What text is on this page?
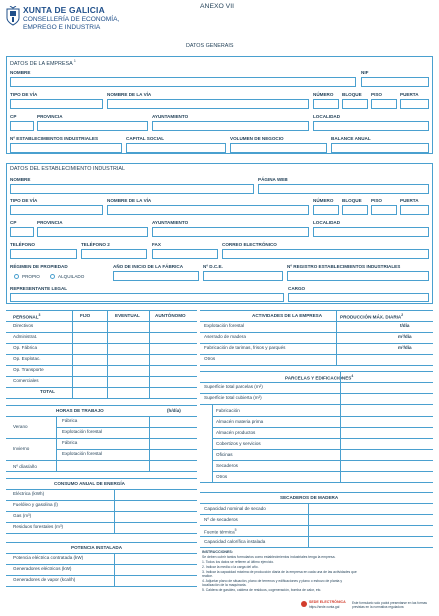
XUNTA DE GALICIA
CONSELLERÍA DE ECONOMÍA,
EMPREGO E INDUSTRIA
ANEXO VII
DATOS GENERAIS
DATOS DE LA EMPRESA $^1$
NOMBRE	NIF
TIPO DE VÍA	NOMBRE DE LA VÍA	NÚMERO BLOQUE PISO	PUERTA
CP	PROVINCIA	AYUNTAMIENTO	LOCALIDAD
Nº ESTABLECIMIENTOS INDUSTRIALES	CAPITAL SOCIAL	VOLUMEN DE NEGOCIO	BALANCE ANUAL
DATOS DEL ESTABLECIMIENTO INDUSTRIAL
NOMBRE	PÁGINA WEB
TIPO DE VÍA	NOMBRE DE LA VÍA	NÚMERO BLOQUE PISO	PUERTA
CP	PROVINCIA	AYUNTAMIENTO	LOCALIDAD
TELÉFONO	TELÉFONO 2	FAX	CORREO ELECTRÓNICO
RÉGIMEN DE PROPIEDAD
PROPIO	ALQUILADO
AÑO DE INICIO DE LA FÁBRICA	Nº D.C.E.	Nº REGISTRO ESTABLECIMIENTOS INDUSTRIALES
REPRESENTANTE LEGAL	CARGO
PERSONAL$^3$	FIJO	EVENTUAL	AUNTÓNOMO
Directivos
Administrat.
Op. Fábrica
Op. Explotac.
Op. Transporte
Comerciales
TOTAL
ACTIVIDADES DE LA EMPRESA	PRODUCCIÓN MÁX. DIARIA$^2$
Explotación forestal	t/día
Aserrado de madera	m³/día
Fabricación de tarimas, frisos y parqués	m³/día
Otros
PARCELAS Y EDIFICACIONES$^4$
Superficie total parcelas (m²)
Superficie total cubierta (m²)
Fabricación
Almacén materia prima
Almacén productos
Cobertizos y servicios
Oficinas
Secaderos
Otros
HORAS DE TRABAJO	(h/día)
Verano
Fábrica
Explotación forestal
Invierno
Fábrica
Explotación forestal
Nº días/año
CONSUMO ANUAL DE ENERGÍA
Eléctrica (kWh)
Fuelóleo y gasolina (l)
Gas (m³)
Residuos forestales (m³)
SECADEROS DE MADERA
Capacidad nominal de secado
Nº de secaderos
Fuente térmica$^5$
Capacidad calorífica instalada
POTENCIA INSTALADA
Potencia eléctrica contratada (kW)
Generadores eléctricos (kW)
Generadores de vapor (kcal/h)
INSTRUCCIONES:
Se deben cubrir tantos formularios como establecimientos industriales tenga la empresa.
1. Todos los datos se refieren al último ejercicio.
2. Indicar la media o la carga del año.
3. Indicar la capacidad máxima de producción diaria de la empresa en cada una de las actividades que
realice.
4. Adjuntar plano de situación, plano de terrenos y edificaciones y plano o esbozo de planta y
localización de la maquinaria.
5. Caldera de gasóleo, caldera de residuos, cogeneración, bomba de calor, etc.
SEDE ELECTRÓNICA
https://sede.xunta.gal
Este formulario solo podrá presentarse en las formas previstas en la normativa reguladora
